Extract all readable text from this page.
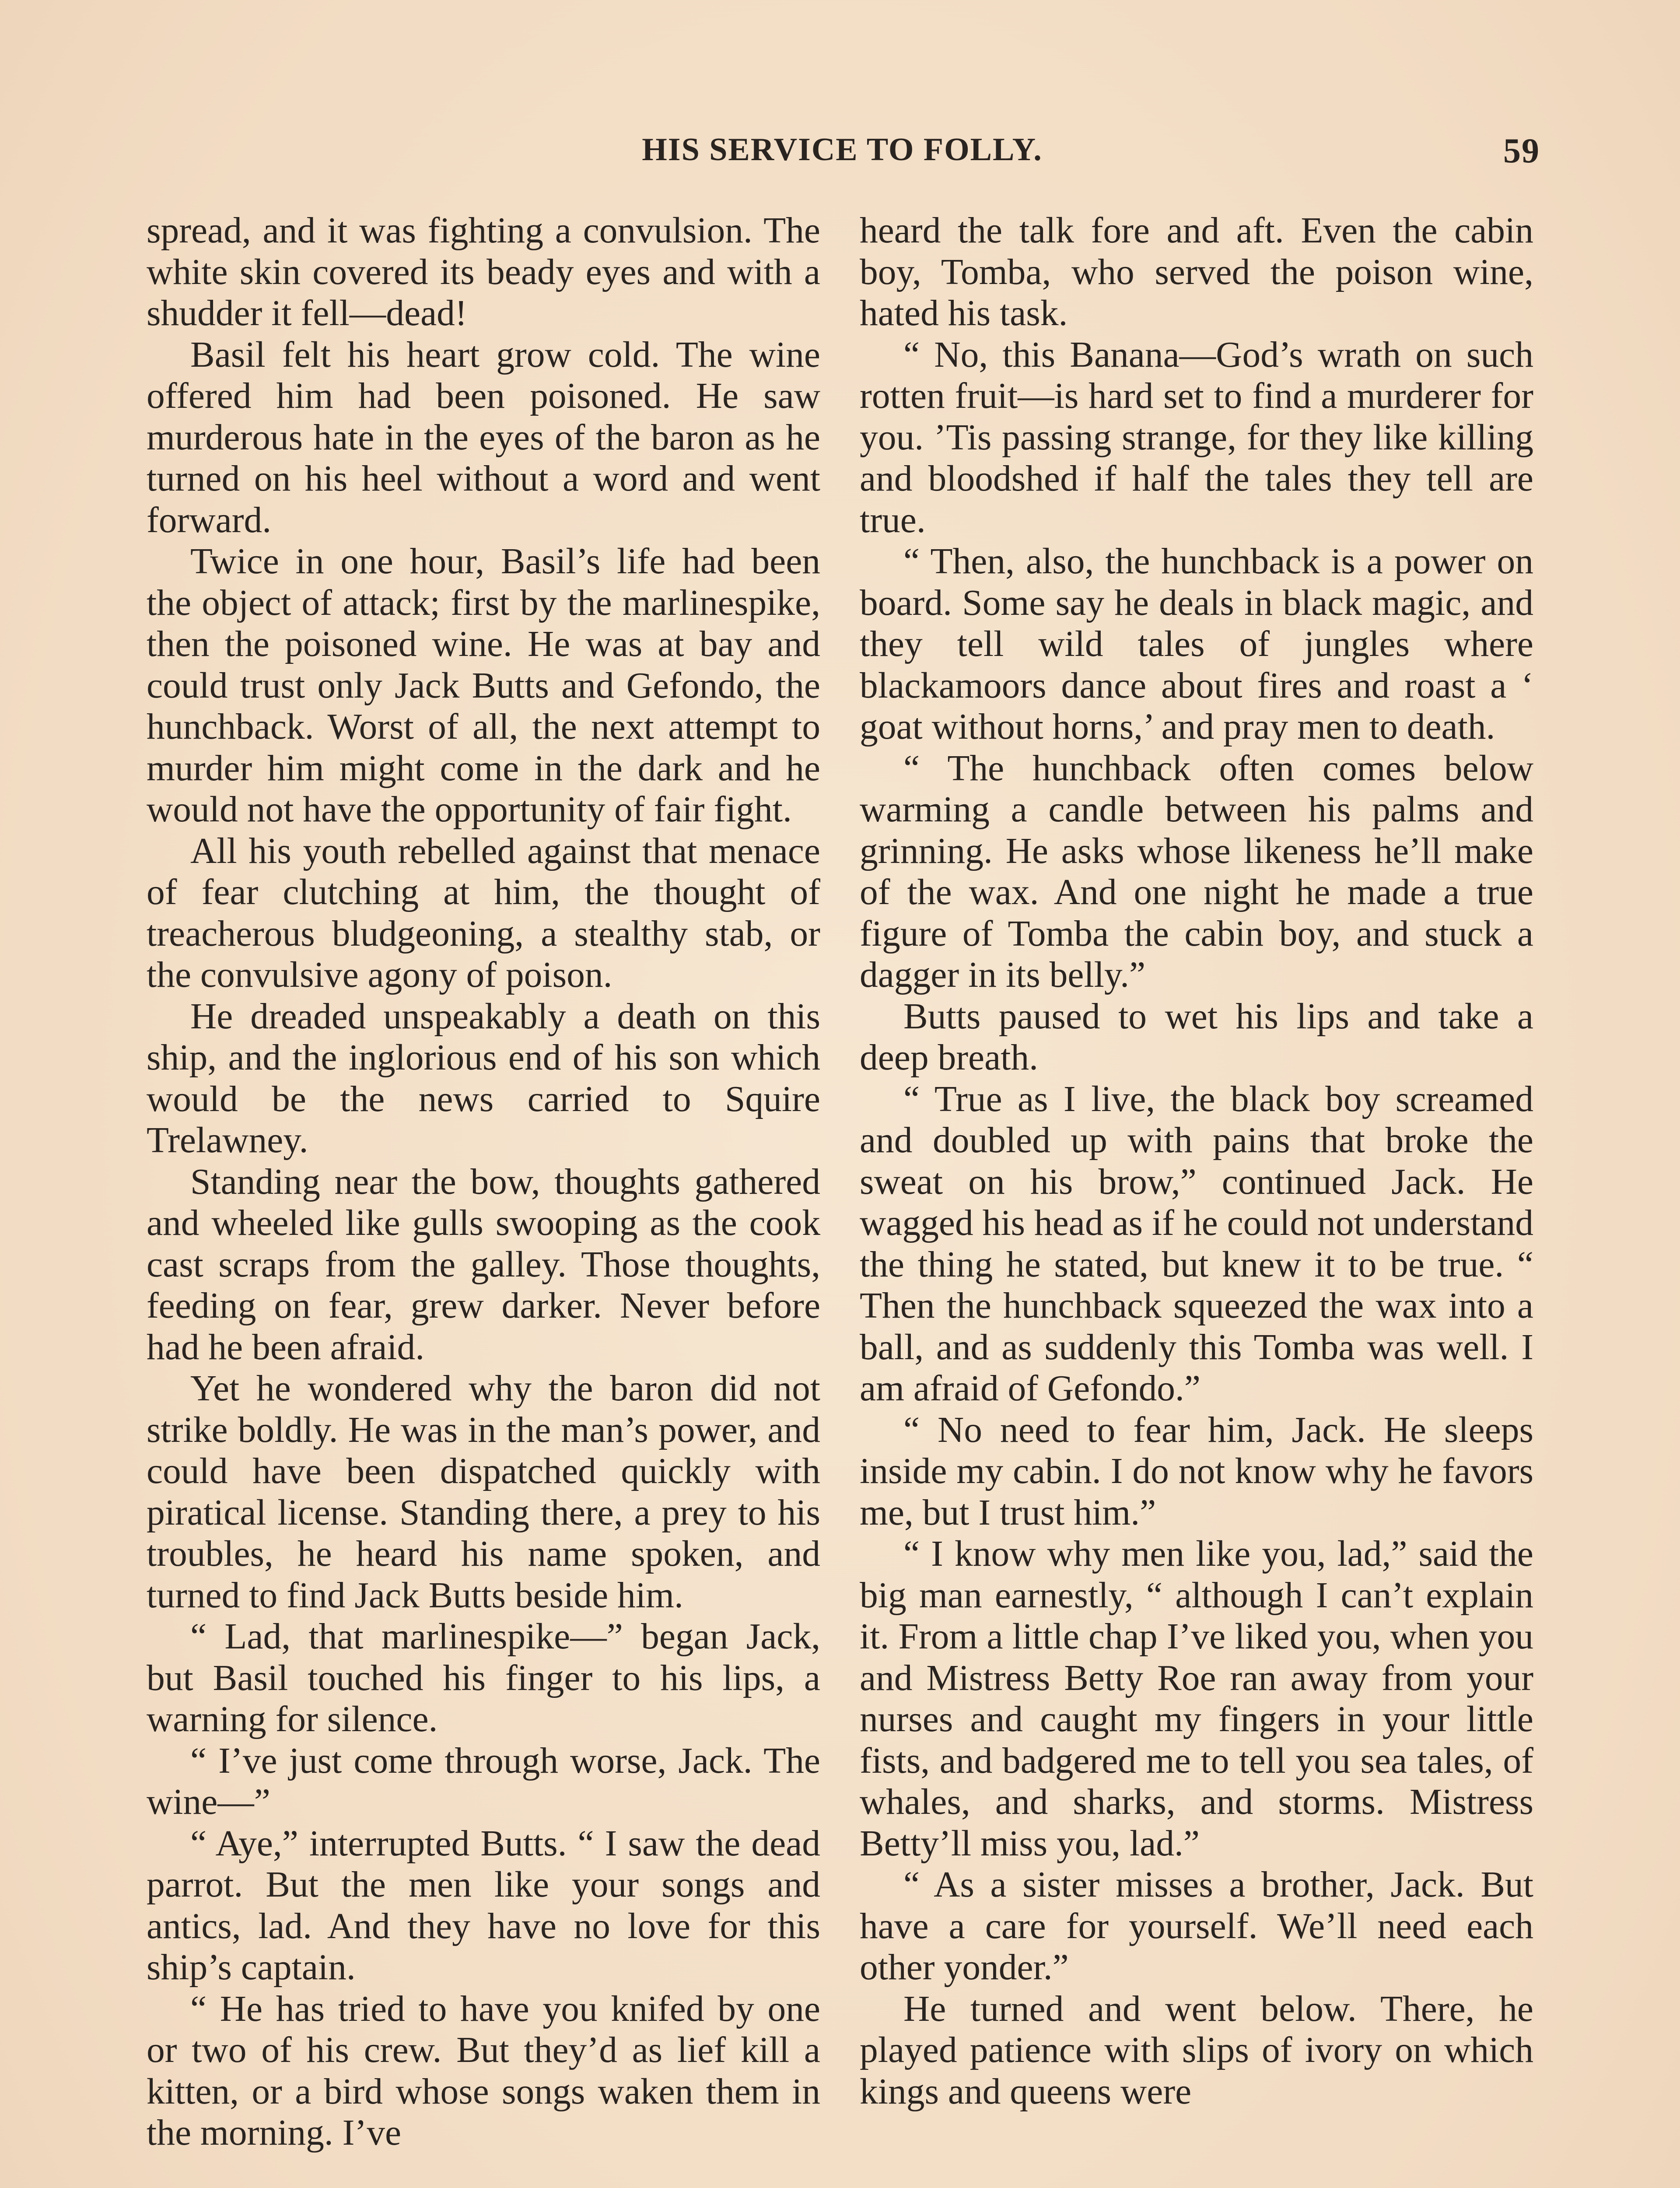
HIS SERVICE TO FOLLY.	59

spread, and it was fighting a convulsion. The white skin covered its beady eyes and with a shudder it fell—dead!

Basil felt his heart grow cold. The wine offered him had been poisoned. He saw murderous hate in the eyes of the baron as he turned on his heel without a word and went forward.

Twice in one hour, Basil’s life had been the object of attack; first by the marlinespike, then the poisoned wine. He was at bay and could trust only Jack Butts and Gefondo, the hunchback. Worst of all, the next attempt to murder him might come in the dark and he would not have the opportunity of fair fight.

All his youth rebelled against that menace of fear clutching at him, the thought of treacherous bludgeoning, a stealthy stab, or the convulsive agony of poison.

He dreaded unspeakably a death on this ship, and the inglorious end of his son which would be the news carried to Squire Trelawney.

Standing near the bow, thoughts gathered and wheeled like gulls swooping as the cook cast scraps from the galley. Those thoughts, feeding on fear, grew darker. Never before had he been afraid.

Yet he wondered why the baron did not strike boldly. He was in the man’s power, and could have been dispatched quickly with piratical license. Standing there, a prey to his troubles, he heard his name spoken, and turned to find Jack Butts beside him.

“ Lad, that marlinespike—” began Jack, but Basil touched his finger to his lips, a warning for silence.

“ I’ve just come through worse, Jack. The wine—”

“ Aye,” interrupted Butts. “ I saw the dead parrot. But the men like your songs and antics, lad. And they have no love for this ship’s captain.

“ He has tried to have you knifed by one or two of his crew. But they’d as lief kill a kitten, or a bird whose songs waken them in the morning. I’ve

heard the talk fore and aft. Even the cabin boy, Tomba, who served the poison wine, hated his task.

“ No, this Banana—God’s wrath on such rotten fruit—is hard set to find a murderer for you. ’Tis passing strange, for they like killing and bloodshed if half the tales they tell are true.

“ Then, also, the hunchback is a power on board. Some say he deals in black magic, and they tell wild tales of jungles where blackamoors dance about fires and roast a ‘ goat without horns,’ and pray men to death.

“ The hunchback often comes below warming a candle between his palms and grinning. He asks whose likeness he’ll make of the wax. And one night he made a true figure of Tomba the cabin boy, and stuck a dagger in its belly.”

Butts paused to wet his lips and take a deep breath.

“ True as I live, the black boy screamed and doubled up with pains that broke the sweat on his brow,” continued Jack. He wagged his head as if he could not understand the thing he stated, but knew it to be true. “ Then the hunchback squeezed the wax into a ball, and as suddenly this Tomba was well. I am afraid of Gefondo.”

“ No need to fear him, Jack. He sleeps inside my cabin. I do not know why he favors me, but I trust him.”

“ I know why men like you, lad,” said the big man earnestly, “ although I can’t explain it. From a little chap I’ve liked you, when you and Mistress Betty Roe ran away from your nurses and caught my fingers in your little fists, and badgered me to tell you sea tales, of whales, and sharks, and storms. Mistress Betty’ll miss you, lad.”

“ As a sister misses a brother, Jack. But have a care for yourself. We’ll need each other yonder.”

He turned and went below. There, he played patience with slips of ivory on which kings and queens were
